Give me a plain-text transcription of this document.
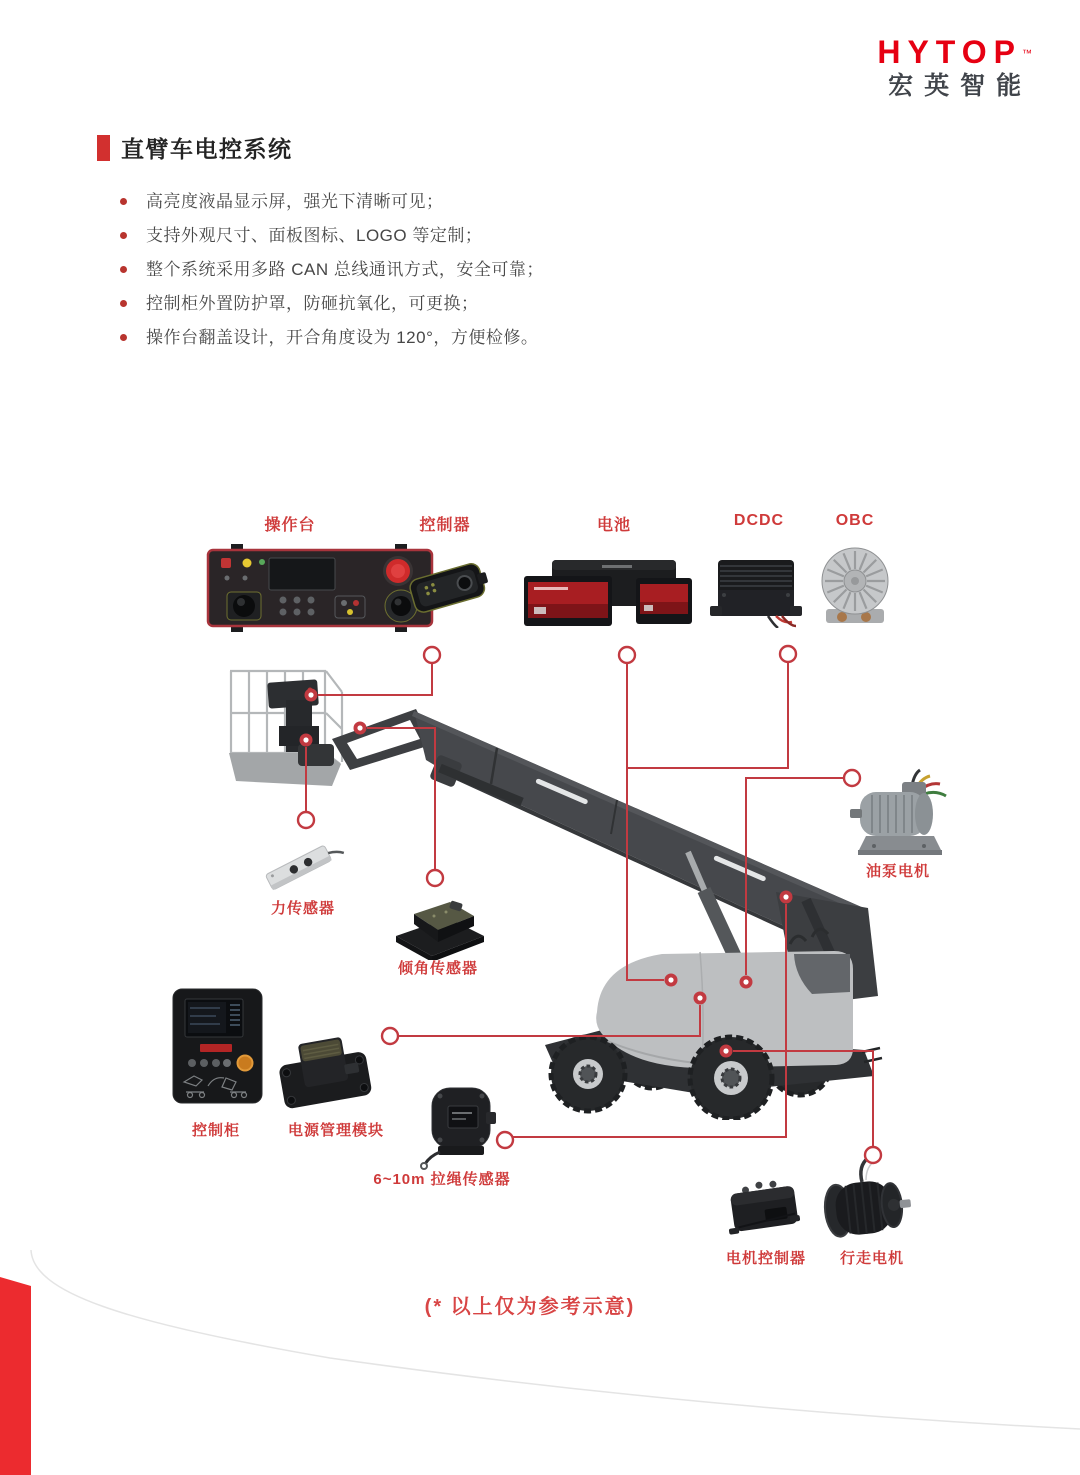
HYTOP™
宏英智能
直臂车电控系统
高亮度液晶显示屏，强光下清晰可见；
支持外观尺寸、面板图标、LOGO 等定制；
整个系统采用多路 CAN 总线通讯方式，安全可靠；
控制柜外置防护罩，防砸抗氧化，可更换；
操作台翻盖设计，开合角度设为 120°，方便检修。
操作台	控制器	电池	DCDC	OBC
力传感器
倾角传感器
油泵电机
控制柜	电源管理模块
6~10m 拉绳传感器
电机控制器 行走电机
(* 以上仅为参考示意)
